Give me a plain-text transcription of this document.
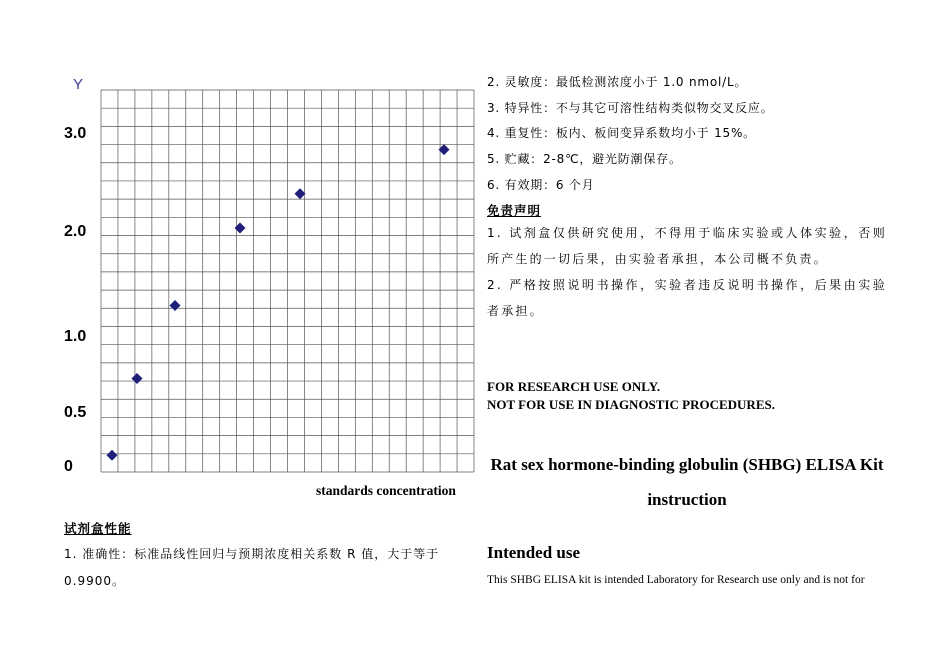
Y
3.0
2.0
1.0
0.5
0
standards concentration
试剂盒性能
1. 准确性：标准品线性回归与预期浓度相关系数 R 值，大于等于
0.9900。
2. 灵敏度：最低检测浓度小于 1.0 nmol/L。
3. 特异性：不与其它可溶性结构类似物交叉反应。
4. 重复性：板内、板间变异系数均小于 15%。
5. 贮藏：2-8℃，避光防潮保存。
6. 有效期：6 个月
免责声明
1. 试剂盒仅供研究使用，不得用于临床实验或人体实验，否则所产生的一切后果，由实验者承担，本公司概不负责。
2. 严格按照说明书操作，实验者违反说明书操作，后果由实验者承担。
FOR RESEARCH USE ONLY.
NOT FOR USE IN DIAGNOSTIC PROCEDURES.
Rat sex hormone-binding globulin (SHBG) ELISA Kit
instruction
Intended use
This SHBG ELISA kit is intended Laboratory for Research use only and is not for
